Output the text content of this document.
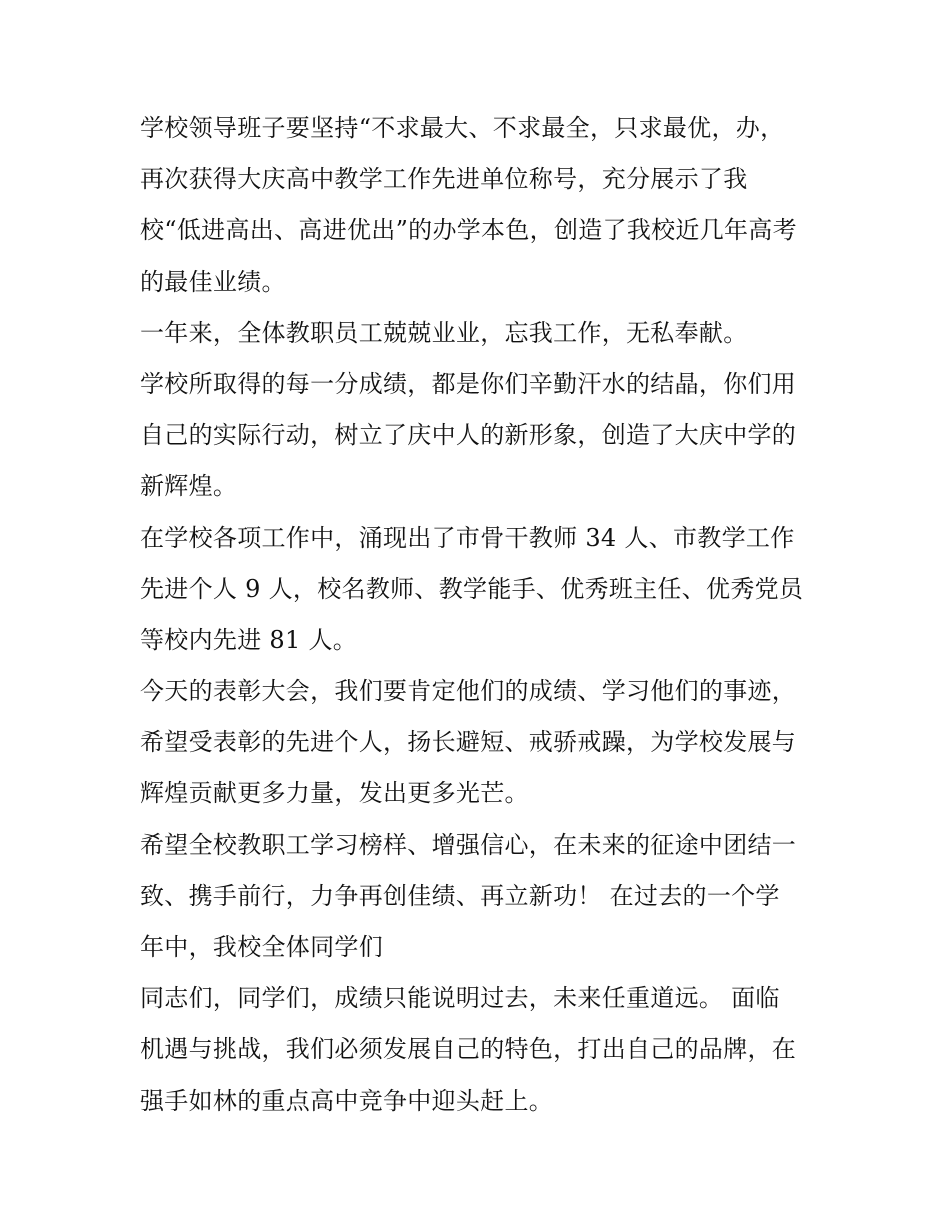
学校领导班子要坚持“不求最大、不求最全，只求最优，办，
再次获得大庆高中教学工作先进单位称号，充分展示了我
校“低进高出、高进优出”的办学本色，创造了我校近几年高考
的最佳业绩。
一年来，全体教职员工兢兢业业，忘我工作，无私奉献。
学校所取得的每一分成绩，都是你们辛勤汗水的结晶，你们用
自己的实际行动，树立了庆中人的新形象，创造了大庆中学的
新辉煌。
在学校各项工作中，涌现出了市骨干教师 34 人、市教学工作
先进个人 9 人，校名教师、教学能手、优秀班主任、优秀党员
等校内先进 81 人。
今天的表彰大会，我们要肯定他们的成绩、学习他们的事迹，
希望受表彰的先进个人，扬长避短、戒骄戒躁，为学校发展与
辉煌贡献更多力量，发出更多光芒。
希望全校教职工学习榜样、增强信心，在未来的征途中团结一
致、携手前行，力争再创佳绩、再立新功！ 在过去的一个学
年中，我校全体同学们
同志们，同学们，成绩只能说明过去，未来任重道远。 面临
机遇与挑战，我们必须发展自己的特色，打出自己的品牌，在
强手如林的重点高中竞争中迎头赶上。
